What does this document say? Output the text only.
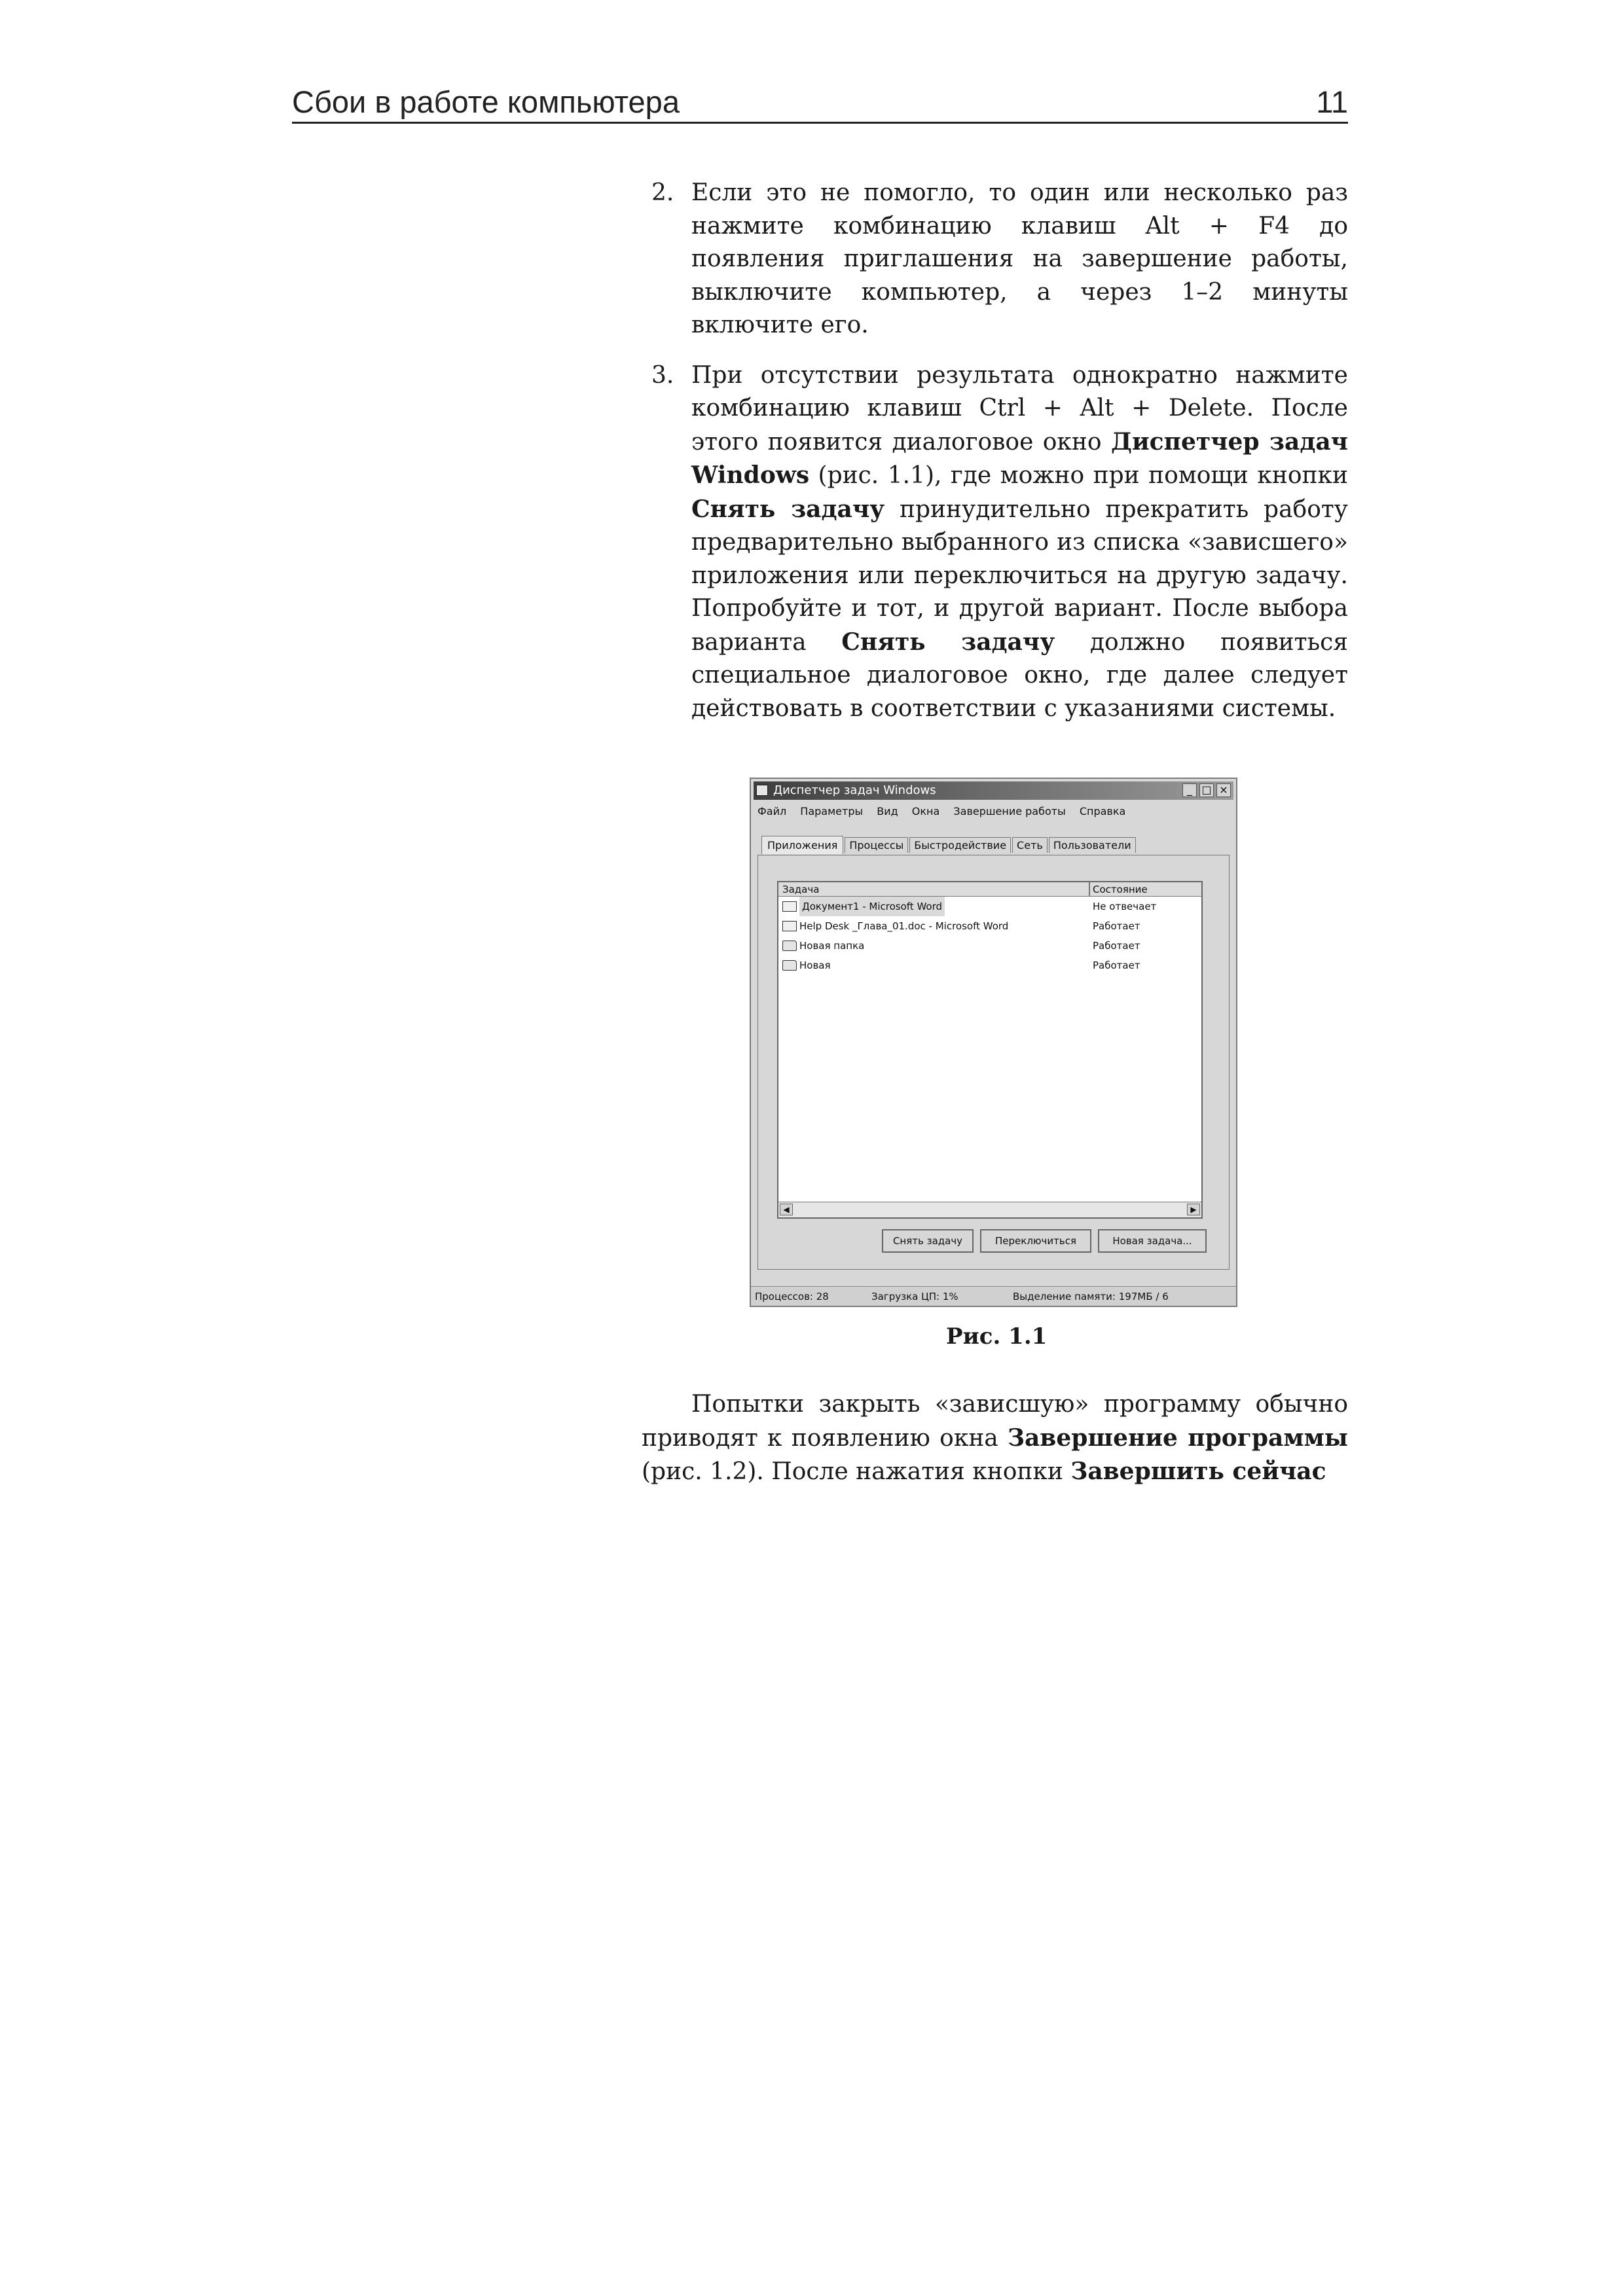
Сбои в работе компьютера	11
2. Если это не помогло, то один или несколько раз нажмите комбинацию клавиш Alt + F4 до появления приглашения на завершение работы, выключите компьютер, а через 1–2 минуты включите его.

3. При отсутствии результата однократно нажмите комбинацию клавиш Ctrl + Alt + Delete. После этого появится диалоговое окно Диспетчер задач Windows (рис. 1.1), где можно при помощи кнопки Снять задачу принудительно прекратить работу предварительно выбранного из списка «зависшего» приложения или переключиться на другую задачу. Попробуйте и тот, и другой вариант. После выбора варианта Снять задачу должно появиться специальное диалоговое окно, где далее следует действовать в соответствии с указаниями системы.

Диспетчер задач Windows	_ □ ×
Файл Параметры Вид Окна Завершение работы Справка
Приложения Процессы Быстродействие Сеть Пользователи
Задача	Состояние
Документ1 - Microsoft Word	Не отвечает
Help Desk _Глава_01.doc - Microsoft Word	Работает
Новая папка	Работает
Новая	Работает
◀	▶
Снять задачу	Переключиться	Новая задача...
Процессов: 28	Загрузка ЦП: 1%	Выделение памяти: 197МБ / 6
Рис. 1.1

Попытки закрыть «зависшую» программу обычно приводят к появлению окна Завершение программы (рис. 1.2). После нажатия кнопки Завершить сейчас
